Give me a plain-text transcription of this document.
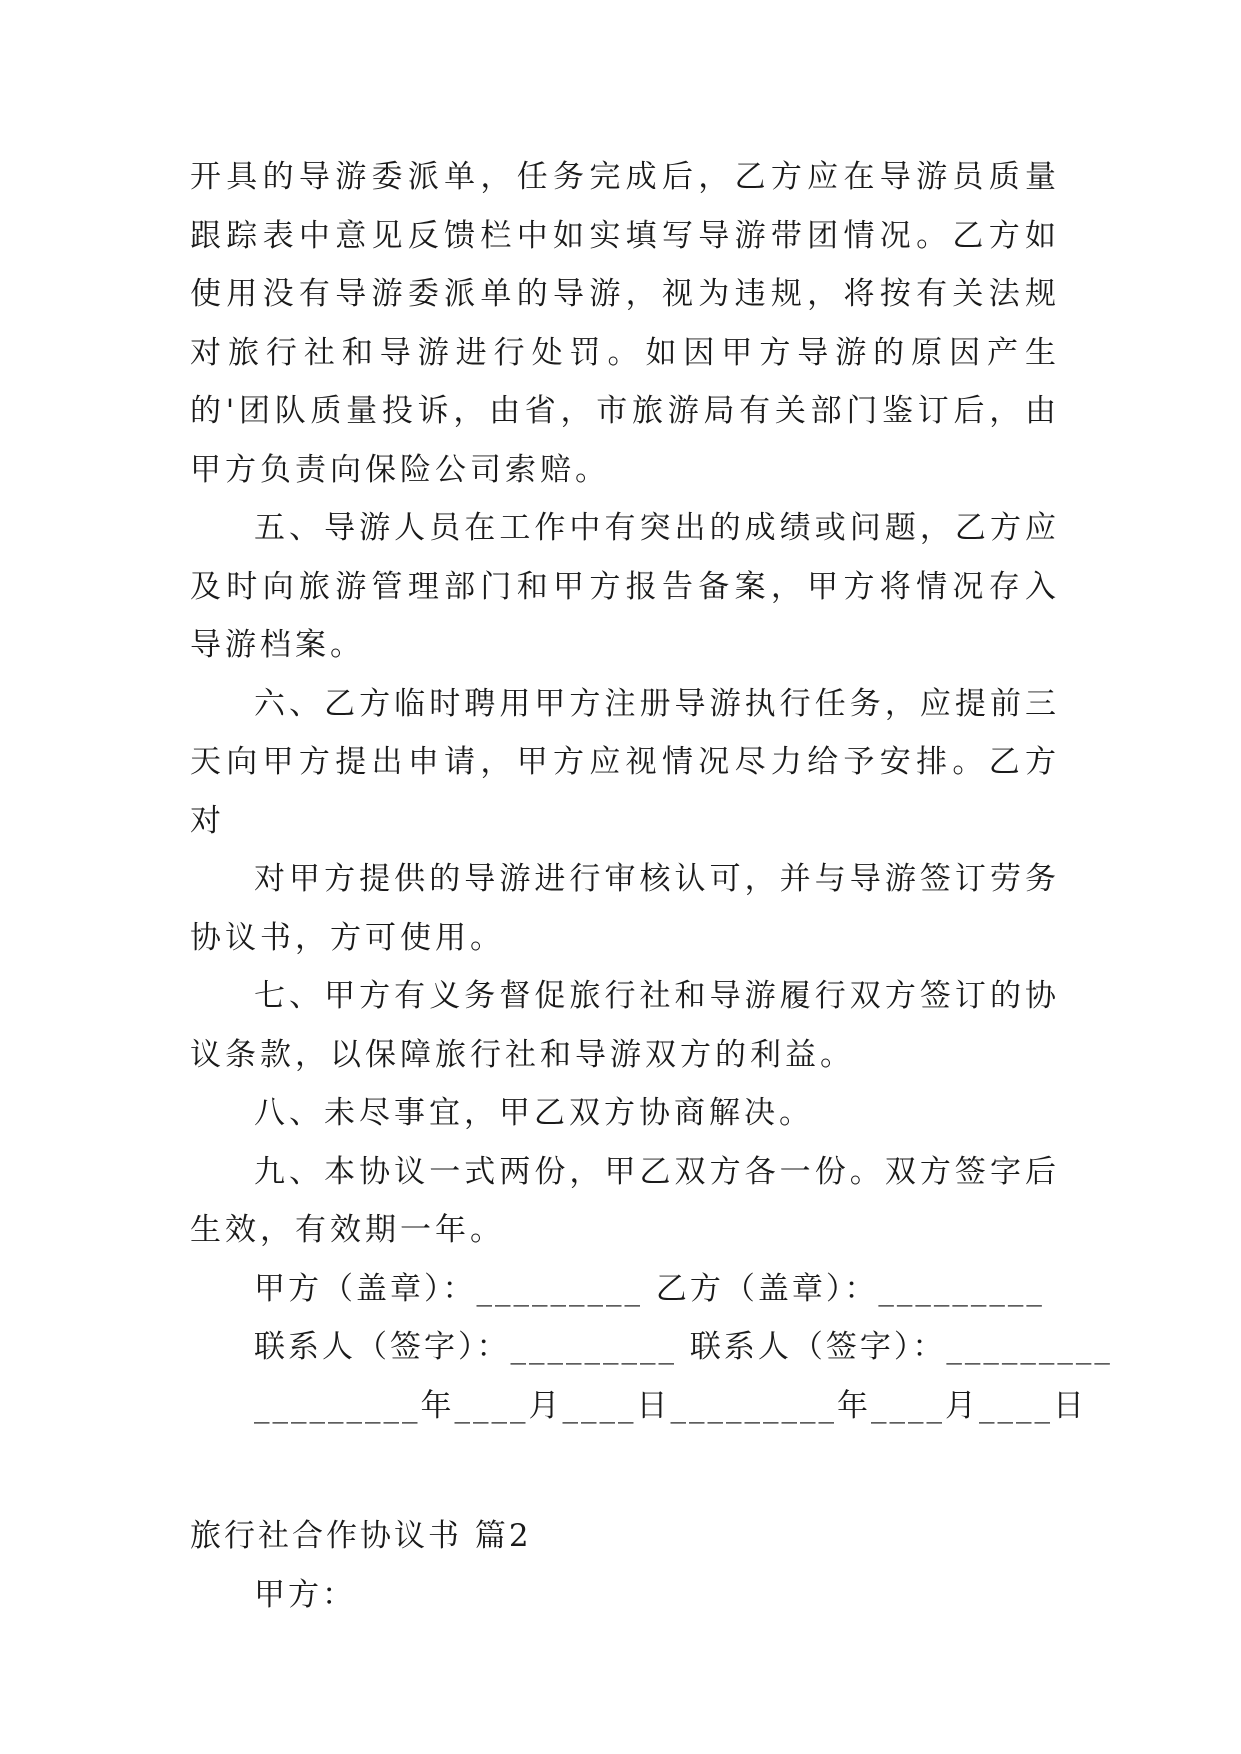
开具的导游委派单，任务完成后，乙方应在导游员质量跟踪表中意见反馈栏中如实填写导游带团情况。乙方如使用没有导游委派单的导游，视为违规，将按有关法规对旅行社和导游进行处罚。如因甲方导游的原因产生的'团队质量投诉，由省，市旅游局有关部门鉴订后，由甲方负责向保险公司索赔。

五、导游人员在工作中有突出的成绩或问题，乙方应及时向旅游管理部门和甲方报告备案，甲方将情况存入导游档案。

六、乙方临时聘用甲方注册导游执行任务，应提前三天向甲方提出申请，甲方应视情况尽力给予安排。乙方对

对甲方提供的导游进行审核认可，并与导游签订劳务协议书，方可使用。

七、甲方有义务督促旅行社和导游履行双方签订的协议条款，以保障旅行社和导游双方的利益。

八、未尽事宜，甲乙双方协商解决。

九、本协议一式两份，甲乙双方各一份。双方签字后生效，有效期一年。

甲方（盖章）：_________ 乙方（盖章）：_________

联系人（签字）：_________ 联系人（签字）：_________

_________年____月____日_________年____月____日

旅行社合作协议书 篇2

甲方：
